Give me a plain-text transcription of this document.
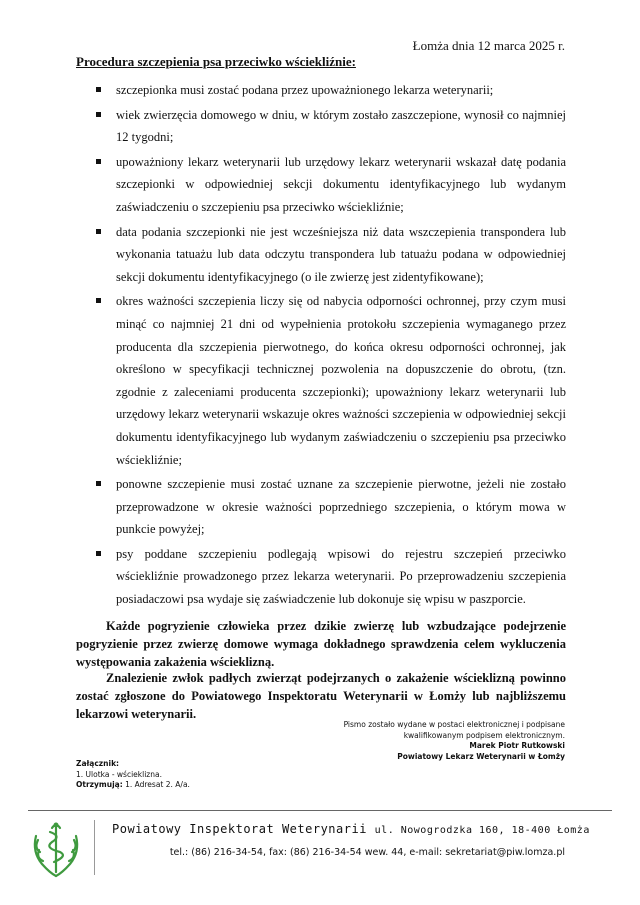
Łomża dnia 12 marca 2025 r.
Procedura szczepienia psa przeciwko wściekliźnie:
szczepionka musi zostać podana przez upoważnionego lekarza weterynarii;
wiek zwierzęcia domowego w dniu, w którym zostało zaszczepione, wynosił co najmniej 12 tygodni;
upoważniony lekarz weterynarii lub urzędowy lekarz weterynarii wskazał datę podania szczepionki w odpowiedniej sekcji dokumentu identyfikacyjnego lub wydanym zaświadczeniu o szczepieniu psa przeciwko wściekliźnie;
data podania szczepionki nie jest wcześniejsza niż data wszczepienia transpondera lub wykonania tatuażu lub data odczytu transpondera lub tatuażu podana w odpowiedniej sekcji dokumentu identyfikacyjnego (o ile zwierzę jest zidentyfikowane);
okres ważności szczepienia liczy się od nabycia odporności ochronnej, przy czym musi minąć co najmniej 21 dni od wypełnienia protokołu szczepienia wymaganego przez producenta dla szczepienia pierwotnego, do końca okresu odporności ochronnej, jak określono w specyfikacji technicznej pozwolenia na dopuszczenie do obrotu, (tzn. zgodnie z zaleceniami producenta szczepionki); upoważniony lekarz weterynarii lub urzędowy lekarz weterynarii wskazuje okres ważności szczepienia w odpowiedniej sekcji dokumentu identyfikacyjnego lub wydanym zaświadczeniu o szczepieniu psa przeciwko wściekliźnie;
ponowne szczepienie musi zostać uznane za szczepienie pierwotne, jeżeli nie zostało przeprowadzone w okresie ważności poprzedniego szczepienia, o którym mowa w punkcie powyżej;
psy poddane szczepieniu podlegają wpisowi do rejestru szczepień przeciwko wściekliźnie prowadzonego przez lekarza weterynarii. Po przeprowadzeniu szczepienia posiadaczowi psa wydaje się zaświadczenie lub dokonuje się wpisu w paszporcie.
Każde pogryzienie człowieka przez dzikie zwierzę lub wzbudzające podejrzenie pogryzienie przez zwierzę domowe wymaga dokładnego sprawdzenia celem wykluczenia występowania zakażenia wścieklizną.
Znalezienie zwłok padłych zwierząt podejrzanych o zakażenie wścieklizną powinno zostać zgłoszone do Powiatowego Inspektoratu Weterynarii w Łomży lub najbliższemu lekarzowi weterynarii.
Pismo zostało wydane w postaci elektronicznej i podpisane
kwalifikowanym podpisem elektronicznym.
Marek Piotr Rutkowski
Powiatowy Lekarz Weterynarii w Łomży
Załącznik:
1. Ulotka - wścieklizna.
Otrzymują: 1. Adresat 2. A/a.
Powiatowy Inspektorat Weterynarii ul. Nowogrodzka 160, 18-400 Łomża
tel.: (86) 216-34-54, fax: (86) 216-34-54 wew. 44, e-mail: sekretariat@piw.lomza.pl
